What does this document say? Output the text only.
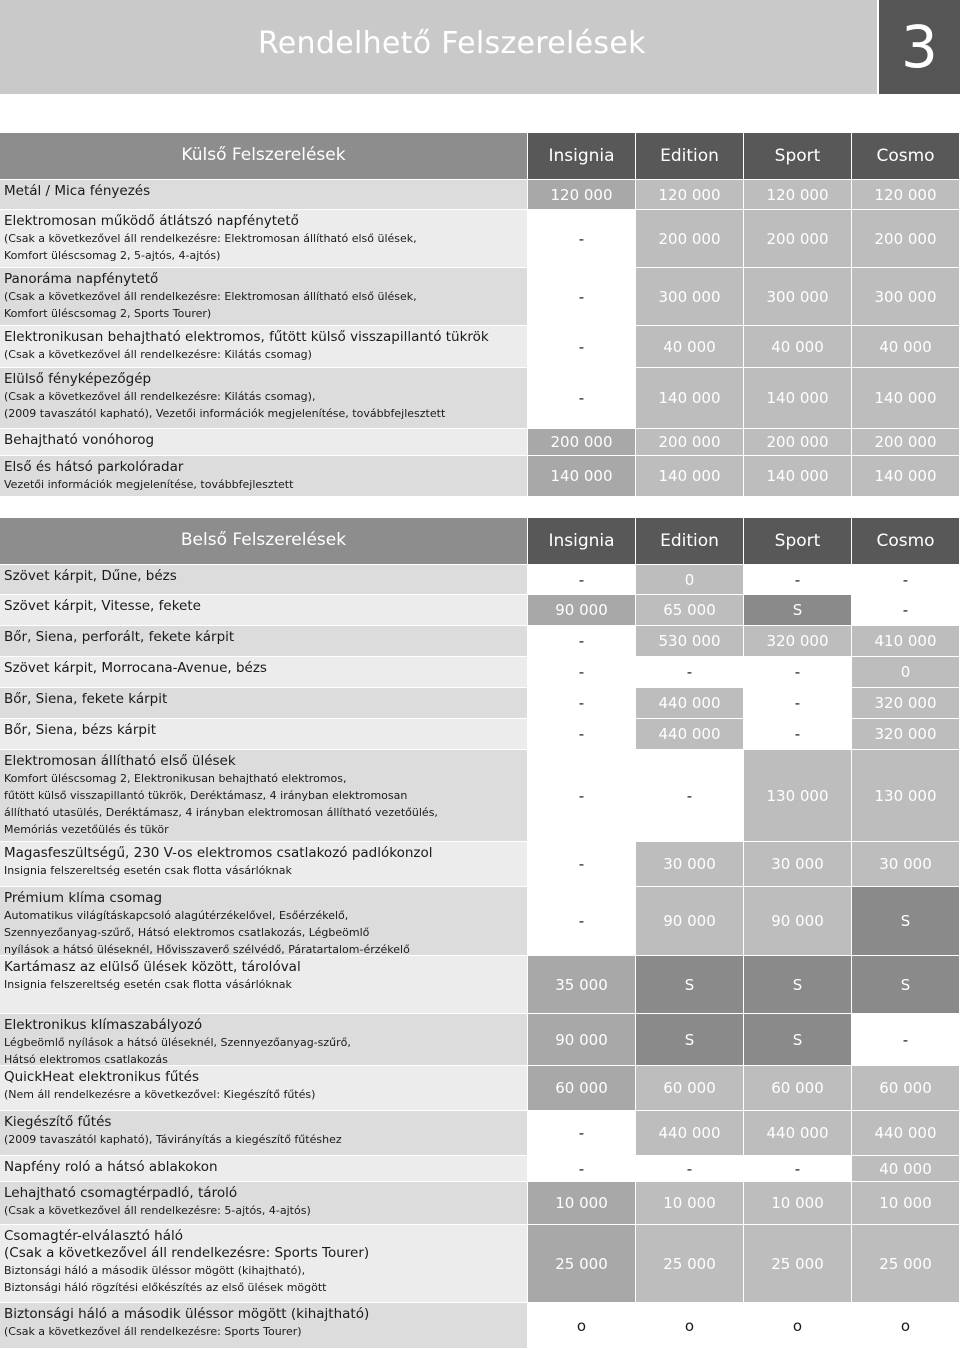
Rendelhető Felszerelések	3
Külső Felszerelések	Insignia	Edition	Sport	Cosmo
Metál / Mica fényezés	120 000	120 000	120 000	120 000
Elektromosan működő átlátszó napfénytető
(Csak a következővel áll rendelkezésre: Elektromosan állítható első ülések,
Komfort üléscsomag 2, 5-ajtós, 4-ajtós)
-	200 000	200 000	200 000
Panoráma napfénytető
(Csak a következővel áll rendelkezésre: Elektromosan állítható első ülések,
Komfort üléscsomag 2, Sports Tourer)
-	300 000	300 000	300 000
Elektronikusan behajtható elektromos, fűtött külső visszapillantó tükrök
(Csak a következővel áll rendelkezésre: Kilátás csomag)	-	40 000	40 000	40 000
Elülső fényképezőgép
(Csak a következővel áll rendelkezésre: Kilátás csomag),
(2009 tavaszától kapható), Vezetői információk megjelenítése, továbbfejlesztett
-	140 000	140 000	140 000
Behajtható vonóhorog	200 000	200 000	200 000	200 000
Első és hátsó parkolóradar
Vezetői információk megjelenítése, továbbfejlesztett	140 000	140 000	140 000	140 000
Belső Felszerelések	Insignia	Edition	Sport	Cosmo
Szövet kárpit, Dűne, bézs	-	0	-	-
Szövet kárpit, Vitesse, fekete	90 000	65 000	S	-
Bőr, Siena, perforált, fekete kárpit	-	530 000	320 000	410 000
Szövet kárpit, Morrocana-Avenue, bézs	-	-	-	0
Bőr, Siena, fekete kárpit	-	440 000	-	320 000
Bőr, Siena, bézs kárpit	-	440 000	-	320 000
Elektromosan állítható első ülések
Komfort üléscsomag 2, Elektronikusan behajtható elektromos,
fűtött külső visszapillantó tükrök, Deréktámasz, 4 irányban elektromosan
állítható utasülés, Deréktámasz, 4 irányban elektromosan állítható vezetőülés,
Memóriás vezetőülés és tükör
-	-	130 000	130 000
Magasfeszültségű, 230 V-os elektromos csatlakozó padlókonzol
Insignia felszereltség esetén csak flotta vásárlóknak	-	30 000	30 000	30 000
Prémium klíma csomag
Automatikus világításkapcsoló alagútérzékelővel, Esőérzékelő,
Szennyezőanyag-szűrő, Hátsó elektromos csatlakozás, Légbeömlő
nyílások a hátsó üléseknél, Hővisszaverő szélvédő, Páratartalom-érzékelő
-	90 000	90 000	S
Kartámasz az elülső ülések között, tárolóval
Insignia felszereltség esetén csak flotta vásárlóknak	35 000	S	S	S
Elektronikus klímaszabályozó
Légbeömlő nyílások a hátsó üléseknél, Szennyezőanyag-szűrő,
Hátsó elektromos csatlakozás
90 000	S	S	-
QuickHeat elektronikus fűtés
(Nem áll rendelkezésre a következővel: Kiegészítő fűtés)	60 000	60 000	60 000	60 000
Kiegészítő fűtés
(2009 tavaszától kapható), Távirányítás a kiegészítő fűtéshez	-	440 000	440 000	440 000
Napfény roló a hátsó ablakokon	-	-	-	40 000
Lehajtható csomagtérpadló, tároló
(Csak a következővel áll rendelkezésre: 5-ajtós, 4-ajtós)	10 000	10 000	10 000	10 000
Csomagtér-elválasztó háló
(Csak a következővel áll rendelkezésre: Sports Tourer)
Biztonsági háló a második üléssor mögött (kihajtható),
Biztonsági háló rögzítési előkészítés az első ülések mögött
25 000	25 000	25 000	25 000
Biztonsági háló a második üléssor mögött (kihajtható)
(Csak a következővel áll rendelkezésre: Sports Tourer)	o	o	o	o
